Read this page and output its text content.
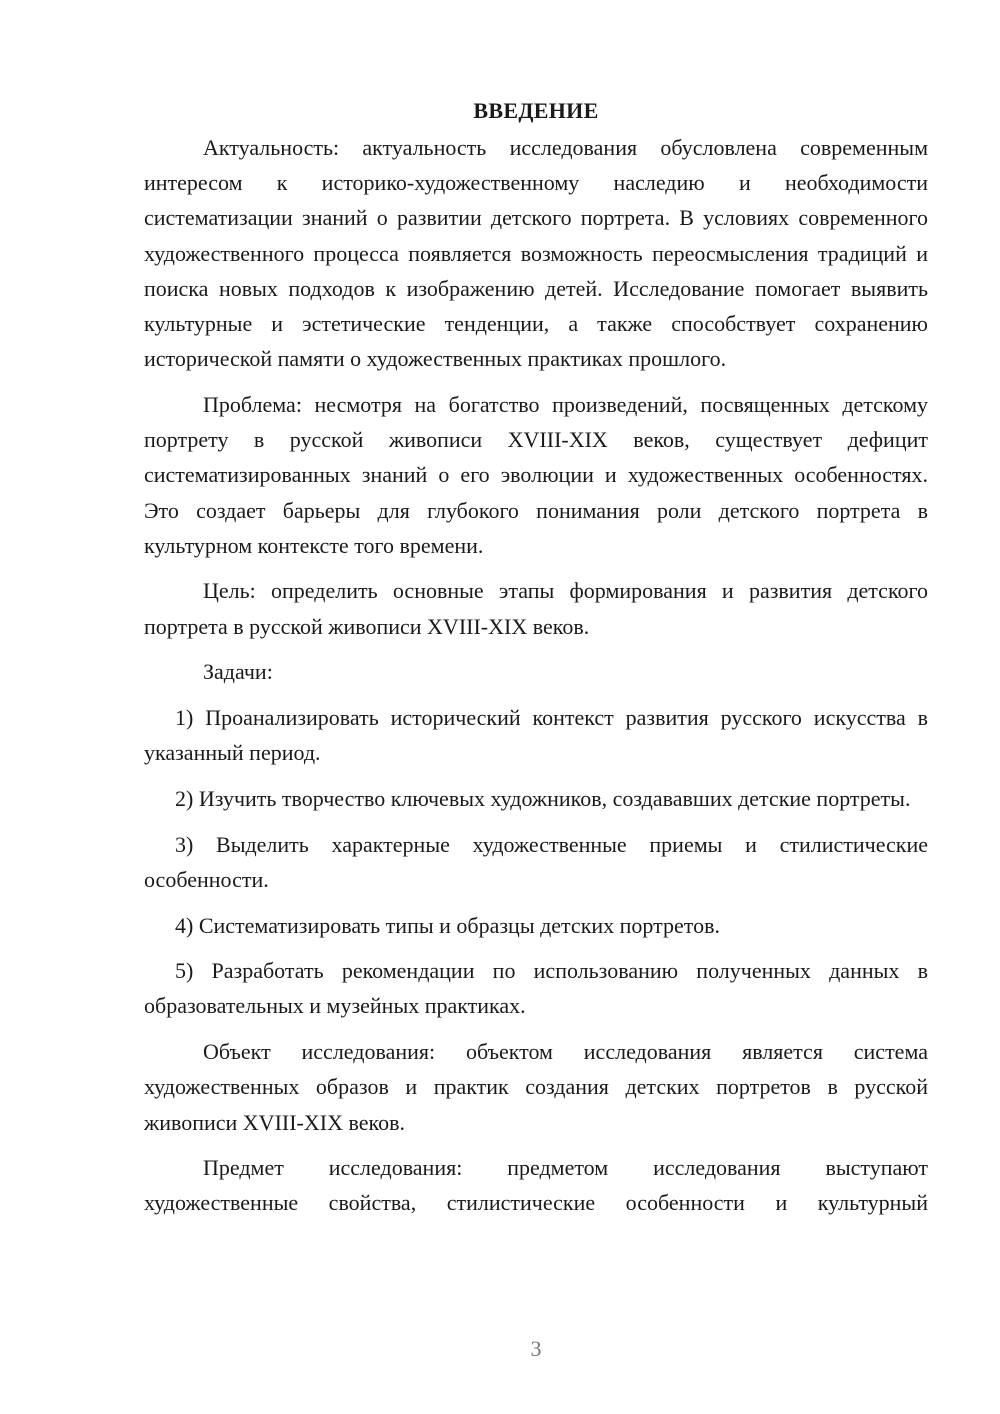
ВВЕДЕНИЕ

Актуальность: актуальность исследования обусловлена современным интересом к историко-художественному наследию и необходимости систематизации знаний о развитии детского портрета. В условиях современного художественного процесса появляется возможность переосмысления традиций и поиска новых подходов к изображению детей. Исследование помогает выявить культурные и эстетические тенденции, а также способствует сохранению исторической памяти о художественных практиках прошлого.

Проблема: несмотря на богатство произведений, посвященных детскому портрету в русской живописи XVIII-XIX веков, существует дефицит систематизированных знаний о его эволюции и художественных особенностях. Это создает барьеры для глубокого понимания роли детского портрета в культурном контексте того времени.

Цель: определить основные этапы формирования и развития детского портрета в русской живописи XVIII-XIX веков.

Задачи:

1) Проанализировать исторический контекст развития русского искусства в указанный период.

2) Изучить творчество ключевых художников, создававших детские портреты.

3) Выделить характерные художественные приемы и стилистические особенности.

4) Систематизировать типы и образцы детских портретов.

5) Разработать рекомендации по использованию полученных данных в образовательных и музейных практиках.

Объект исследования: объектом исследования является система художественных образов и практик создания детских портретов в русской живописи XVIII-XIX веков.

Предмет исследования: предметом исследования выступают художественные свойства, стилистические особенности и культурный

3
